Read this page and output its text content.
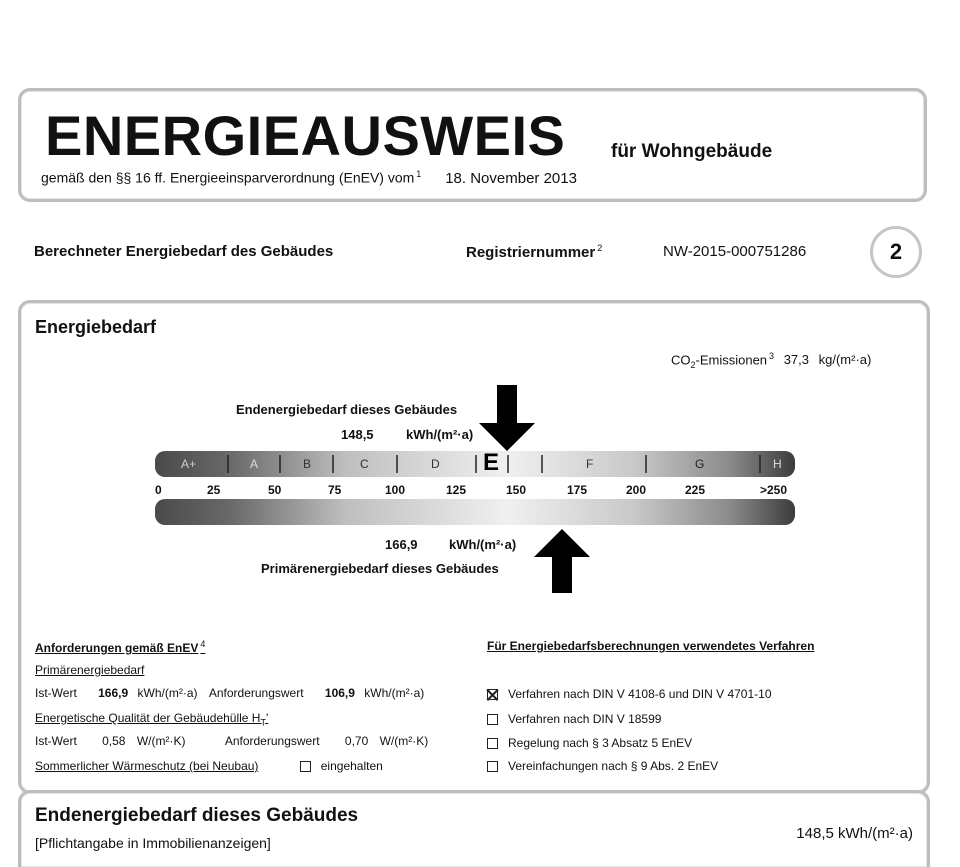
ENERGIEAUSWEIS für Wohngebäude
gemäß den §§ 16 ff. Energieeinsparverordnung (EnEV) vom $^1$ 18. November 2013
Berechneter Energiebedarf des Gebäudes	Registriernummer $^2$	NW-2015-000751286	2
Energiebedarf
$CO_2$-Emissionen $^3$ 37,3 kg/(m²·a)
Endenergiebedarf dieses Gebäudes
148,5 kWh/(m²·a)
A+	A	B	C	D E	F	G	H
0	25	50	75	100	125	150	175	200	225	>250
166,9 kWh/(m²·a)
Primärenergiebedarf dieses Gebäudes
Anforderungen gemäß EnEV $^4$
Primärenergiebedarf
Ist-Wert 166,9 kWh/(m²·a) Anforderungswert 106,9 kWh/(m²·a)
Energetische Qualität der Gebäudehülle $H_T'$
Ist-Wert 0,58 W/(m²·K)	Anforderungswert 0,70 W/(m²·K)
Sommerlicher Wärmeschutz (bei Neubau)	eingehalten
Für Energiebedarfsberechnungen verwendetes Verfahren
Verfahren nach DIN V 4108-6 und DIN V 4701-10
Verfahren nach DIN V 18599
Regelung nach § 3 Absatz 5 EnEV
Vereinfachungen nach § 9 Abs. 2 EnEV
Endenergiebedarf dieses Gebäudes
[Pflichtangabe in Immobilienanzeigen]
148,5 kWh/(m²·a)
